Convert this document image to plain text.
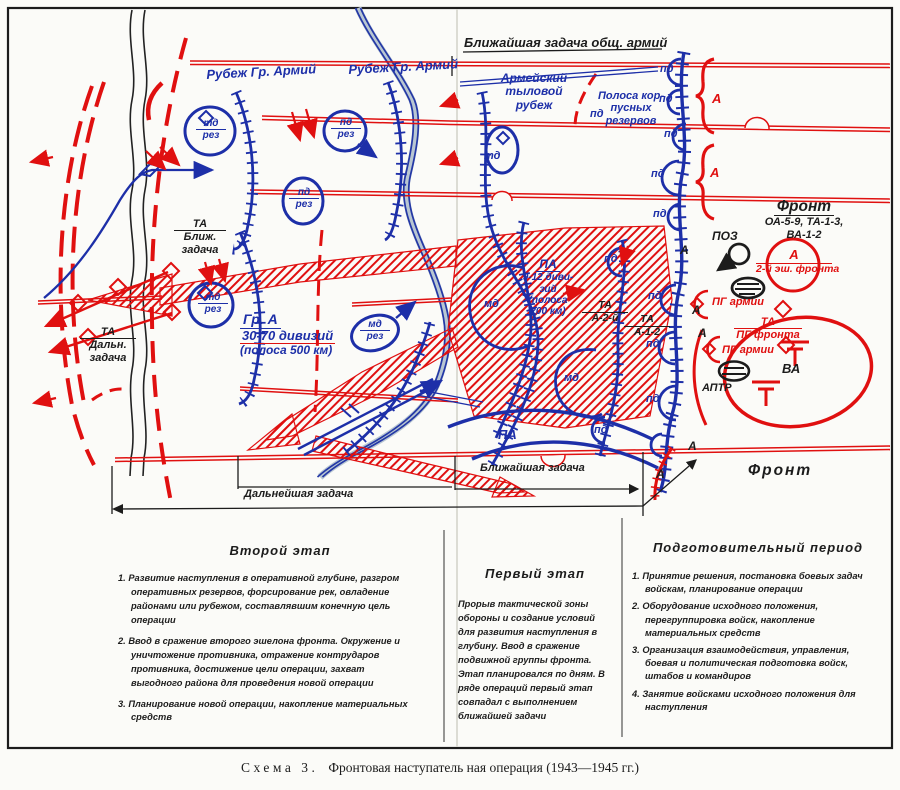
Ближайшая задача общ. армий
Рубеж Гр. Армий Рубеж Гр. Армий
Армейский
тыловой
рубеж
Полоса кор-
пусных
резервов
пд
ТА
Ближ.
задача
ТА
Дальн.
задача
Гр. А
30-70 дивизий
(полоса 500 км)
ПА
9-12 диви-
зий
(полоса
200 км)
ТА
А-2-й	ТА
А-1-2
тд
рез
пд
рез
пд
рез
тд
рез
мд
рез
тд
мд
мд
пд
пд
пд
пд
пд
пд
пд
пд
пд
пд
А
А
А
А
А
А
А
Фронт
ОА-5-9, ТА-1-3,
ВА-1-2
ПОЗ
А
2-й эш. фронта
ПГ армии
ТА
ПГ фронта
ПГ армии
АПТР
ВА
ПА
Ближайшая задача
Дальнейшая задача
Фронт
Второй этап
1. Развитие наступления в оперативной глубине, разгром оперативных резервов, форсирование рек, овладение районами или рубежом, составлявшим конечную цель операции
2. Ввод в сражение второго эшелона фронта. Окружение и уничтожение противника, отражение контрударов противника, достижение цели операции, захват выгодного района для проведения новой операции
3. Планирование новой операции, накопление материальных средств
Первый этап
Прорыв тактической зоны обороны и создание условий для развития наступления в глубину. Ввод в сражение подвижной группы фронта. Этап планировался по дням. В ряде операций первый этап совпадал с выполнением ближайшей задачи
Подготовительный период
1. Принятие решения, постановка боевых задач войскам, планирование операции
2. Оборудование исходного положения, перегруппировка войск, накопление материальных средств
3. Организация взаимодействия, управления, боевая и политическая подготовка войск, штабов и командиров
4. Занятие войсками исходного положения для наступления
Схема 3. Фронтовая наступатель ная операция (1943—1945 гг.)
